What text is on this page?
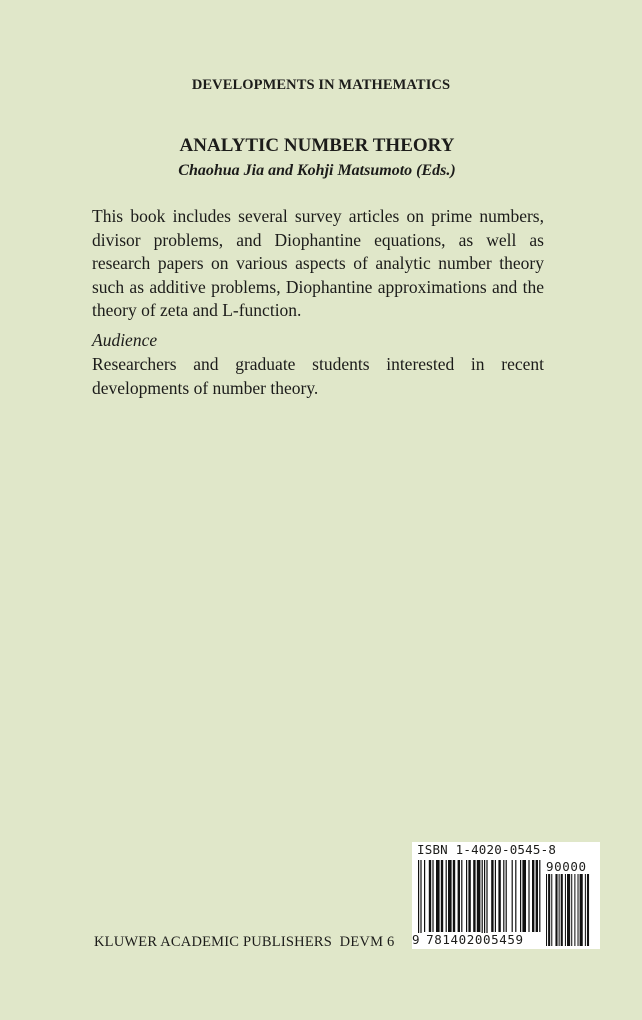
DEVELOPMENTS IN MATHEMATICS
ANALYTIC NUMBER THEORY
Chaohua Jia and Kohji Matsumoto (Eds.)
This book includes several survey articles on prime numbers, divisor problems, and Diophantine equations, as well as research papers on various aspects of analytic number theory such as additive problems, Diophantine approximations and the theory of zeta and L-function.
Audience
Researchers and graduate students interested in recent developments of number theory.
KLUWER ACADEMIC PUBLISHERS  DEVM 6
ISBN 1-4020-0545-8
90000
9 781402005459
